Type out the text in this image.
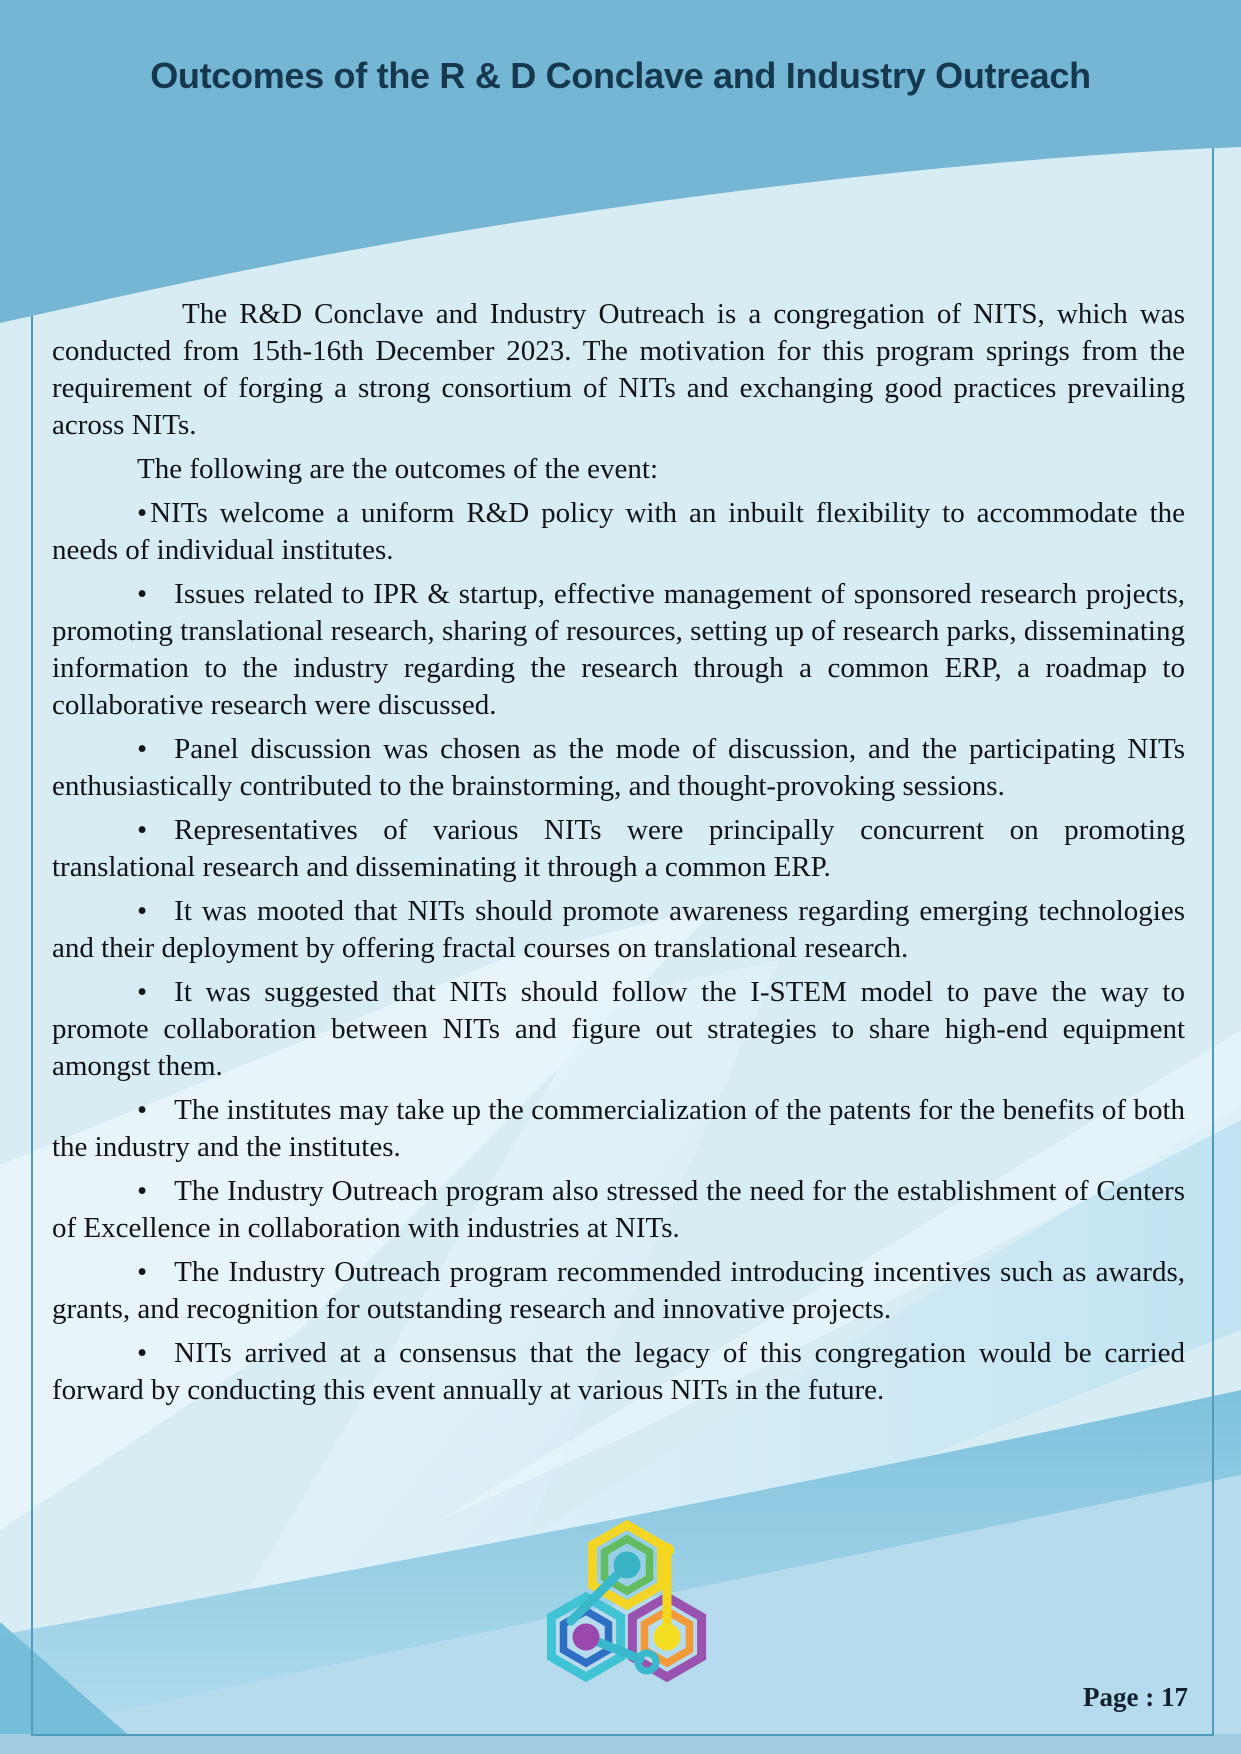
Outcomes of the R & D Conclave and Industry Outreach

The R&D Conclave and Industry Outreach is a congregation of NITS, which was conducted from 15th-16th December 2023. The motivation for this program springs from the requirement of forging a strong consortium of NITs and exchanging good practices prevailing across NITs.

The following are the outcomes of the event:

• NITs welcome a uniform R&D policy with an inbuilt flexibility to accommodate the needs of individual institutes.

• Issues related to IPR & startup, effective management of sponsored research projects, promoting translational research, sharing of resources, setting up of research parks, disseminating information to the industry regarding the research through a common ERP, a roadmap to collaborative research were discussed.

• Panel discussion was chosen as the mode of discussion, and the participating NITs enthusiastically contributed to the brainstorming, and thought-provoking sessions.

• Representatives of various NITs were principally concurrent on promoting translational research and disseminating it through a common ERP.

• It was mooted that NITs should promote awareness regarding emerging technologies and their deployment by offering fractal courses on translational research.

• It was suggested that NITs should follow the I-STEM model to pave the way to promote collaboration between NITs and figure out strategies to share high-end equipment amongst them.

• The institutes may take up the commercialization of the patents for the benefits of both the industry and the institutes.

• The Industry Outreach program also stressed the need for the establishment of Centers of Excellence in collaboration with industries at NITs.

• The Industry Outreach program recommended introducing incentives such as awards, grants, and recognition for outstanding research and innovative projects.

• NITs arrived at a consensus that the legacy of this congregation would be carried forward by conducting this event annually at various NITs in the future.

Page : 17
